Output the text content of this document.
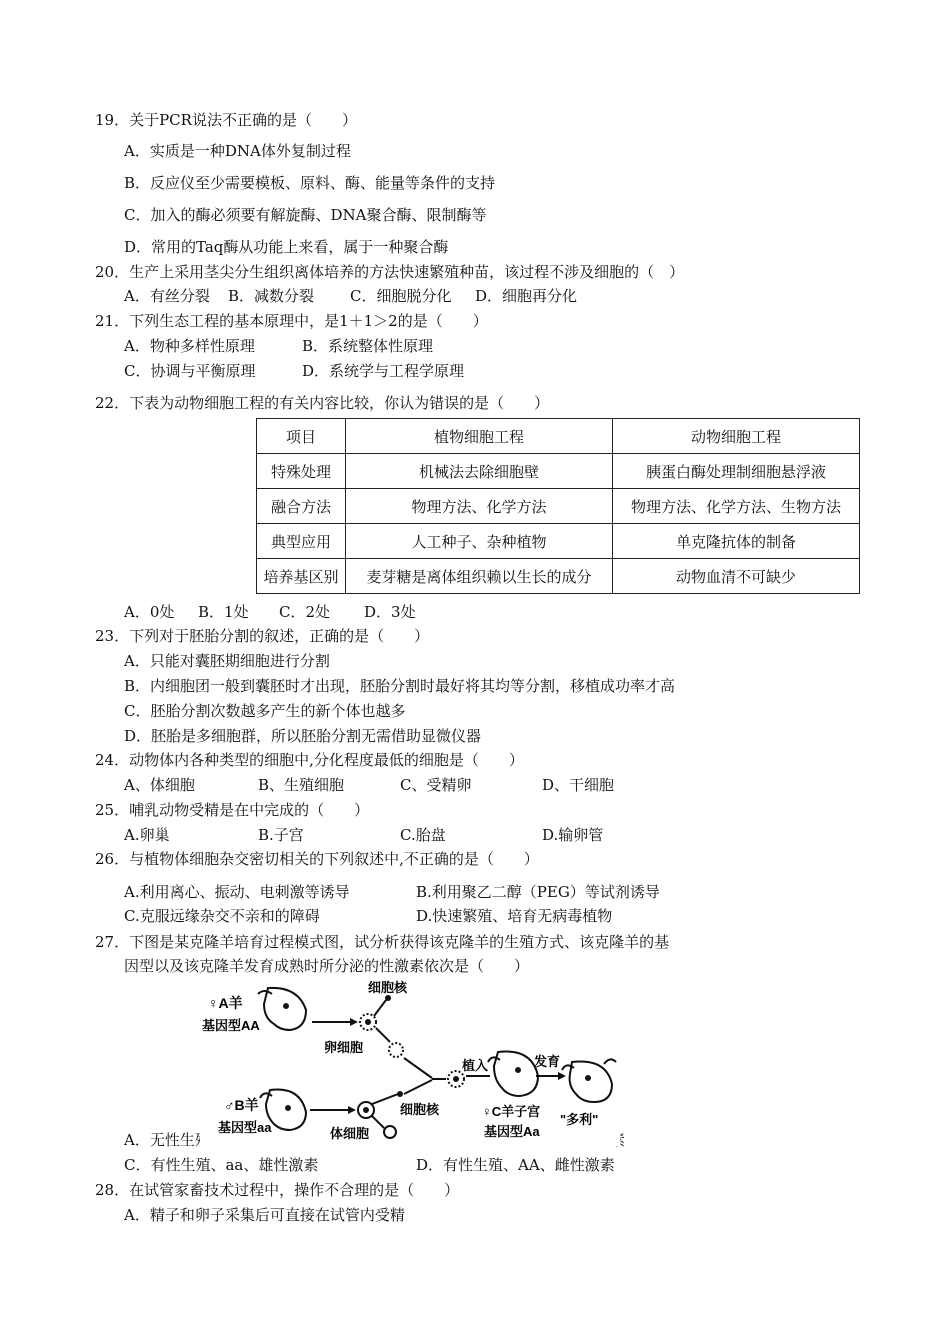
19．关于PCR说法不正确的是（　　）
A．实质是一种DNA体外复制过程
B．反应仪至少需要模板、原料、酶、能量等条件的支持
C．加入的酶必须要有解旋酶、DNA聚合酶、限制酶等
D．常用的Taq酶从功能上来看，属于一种聚合酶
20．生产上采用茎尖分生组织离体培养的方法快速繁殖种苗，该过程不涉及细胞的（　）
A．有丝分裂 B．减数分裂 C．细胞脱分化 D．细胞再分化
21．下列生态工程的基本原理中，是1＋1＞2的是（　　）
A．物种多样性原理	B．系统整体性原理
C．协调与平衡原理	D．系统学与工程学原理
22．下表为动物细胞工程的有关内容比较，你认为错误的是（　　）
项目	植物细胞工程	动物细胞工程
特殊处理	机械法去除细胞壁	胰蛋白酶处理制细胞悬浮液
融合方法	物理方法、化学方法	物理方法、化学方法、生物方法
典型应用	人工种子、杂种植物	单克隆抗体的制备
培养基区别	麦芽糖是离体组织赖以生长的成分	动物血清不可缺少
A．0处 B．1处 C．2处 D．3处
23．下列对于胚胎分割的叙述，正确的是（　　）
A．只能对囊胚期细胞进行分割
B．内细胞团一般到囊胚时才出现，胚胎分割时最好将其均等分割，移植成功率才高
C．胚胎分割次数越多产生的新个体也越多
D．胚胎是多细胞群，所以胚胎分割无需借助显微仪器
24．动物体内各种类型的细胞中,分化程度最低的细胞是（　　）
A、体细胞	B、生殖细胞	C、受精卵	D、干细胞
25．哺乳动物受精是在中完成的（　　）
A.卵巢	B.子宫	C.胎盘	D.输卵管
26．与植物体细胞杂交密切相关的下列叙述中,不正确的是（　　）
A.利用离心、振动、电刺激等诱导	B.利用聚乙二醇（PEG）等试剂诱导
C.克服远缘杂交不亲和的障碍	D.快速繁殖、培育无病毒植物
27．下图是某克隆羊培育过程模式图，试分析获得该克隆羊的生殖方式、该克隆羊的基
因型以及该克隆羊发育成熟时所分泌的性激素依次是（　　）
A．无性生殖	素
♀A羊
基因型AA
卵细胞
细胞核
植入	发育
"多利"
♀C羊子宫
基因型Aa
♂B羊
基因型aa	体细胞
细胞核
C．有性生殖、aa、雄性激素	D．有性生殖、AA、雌性激素
28．在试管家畜技术过程中，操作不合理的是（　　）
A．精子和卵子采集后可直接在试管内受精
